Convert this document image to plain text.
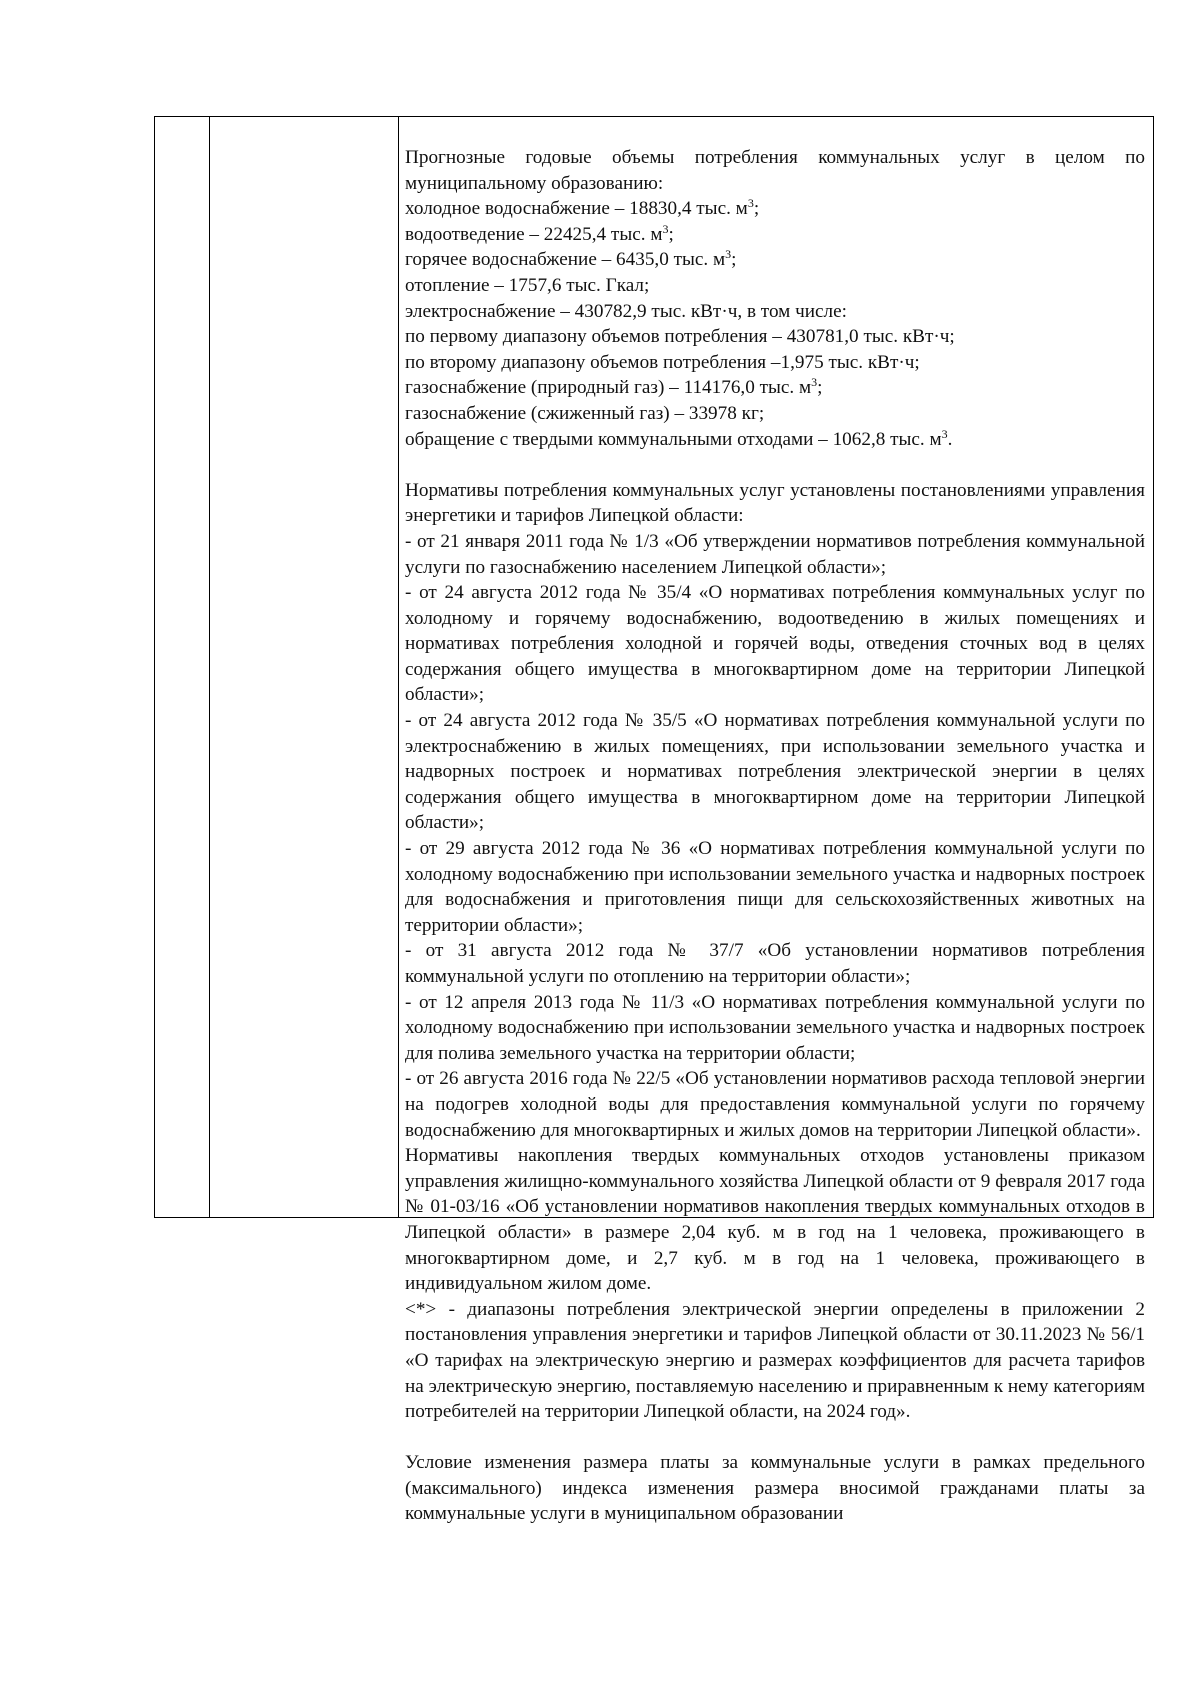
Прогнозные годовые объемы потребления коммунальных услуг в целом по муниципальному образованию:

холодное водоснабжение – 18830,4 тыс. $м^3$;

водоотведение – 22425,4 тыс. $м^3$;

горячее водоснабжение – 6435,0 тыс. $м^3$;

отопление – 1757,6 тыс. Гкал;

электроснабжение – 430782,9 тыс. кВт·ч, в том числе:

по первому диапазону объемов потребления – 430781,0 тыс. кВт·ч;

по второму диапазону объемов потребления –1,975 тыс. кВт·ч;

газоснабжение (природный газ) – 114176,0 тыс. $м^3$;

газоснабжение (сжиженный газ) – 33978 кг;

обращение с твердыми коммунальными отходами – 1062,8 тыс. $м^3$.

Нормативы потребления коммунальных услуг установлены постановлениями управления энергетики и тарифов Липецкой области:

- от 21 января 2011 года № 1/3 «Об утверждении нормативов потребления коммунальной услуги по газоснабжению населением Липецкой области»;

- от 24 августа 2012 года № 35/4 «О нормативах потребления коммунальных услуг по холодному и горячему водоснабжению, водоотведению в жилых помещениях и нормативах потребления холодной и горячей воды, отведения сточных вод в целях содержания общего имущества в многоквартирном доме на территории Липецкой области»;

- от 24 августа 2012 года № 35/5 «О нормативах потребления коммунальной услуги по электроснабжению в жилых помещениях, при использовании земельного участка и надворных построек и нормативах потребления электрической энергии в целях содержания общего имущества в многоквартирном доме на территории Липецкой области»;

- от 29 августа 2012 года № 36 «О нормативах потребления коммунальной услуги по холодному водоснабжению при использовании земельного участка и надворных построек для водоснабжения и приготовления пищи для сельскохозяйственных животных на территории области»;

- от 31 августа 2012 года № 37/7 «Об установлении нормативов потребления коммунальной услуги по отоплению на территории области»;

- от 12 апреля 2013 года № 11/3 «О нормативах потребления коммунальной услуги по холодному водоснабжению при использовании земельного участка и надворных построек для полива земельного участка на территории области;

- от 26 августа 2016 года № 22/5 «Об установлении нормативов расхода тепловой энергии на подогрев холодной воды для предоставления коммунальной услуги по горячему водоснабжению для многоквартирных и жилых домов на территории Липецкой области».

Нормативы накопления твердых коммунальных отходов установлены приказом управления жилищно-коммунального хозяйства Липецкой области от 9 февраля 2017 года № 01-03/16 «Об установлении нормативов накопления твердых коммунальных отходов в Липецкой области» в размере 2,04 куб. м в год на 1 человека, проживающего в многоквартирном доме, и 2,7 куб. м в год на 1 человека, проживающего в индивидуальном жилом доме.

<*> - диапазоны потребления электрической энергии определены в приложении 2 постановления управления энергетики и тарифов Липецкой области от 30.11.2023 № 56/1 «О тарифах на электрическую энергию и размерах коэффициентов для расчета тарифов на электрическую энергию, поставляемую населению и приравненным к нему категориям потребителей на территории Липецкой области, на 2024 год».

Условие изменения размера платы за коммунальные услуги в рамках предельного (максимального) индекса изменения размера вносимой гражданами платы за коммунальные услуги в муниципальном образовании
